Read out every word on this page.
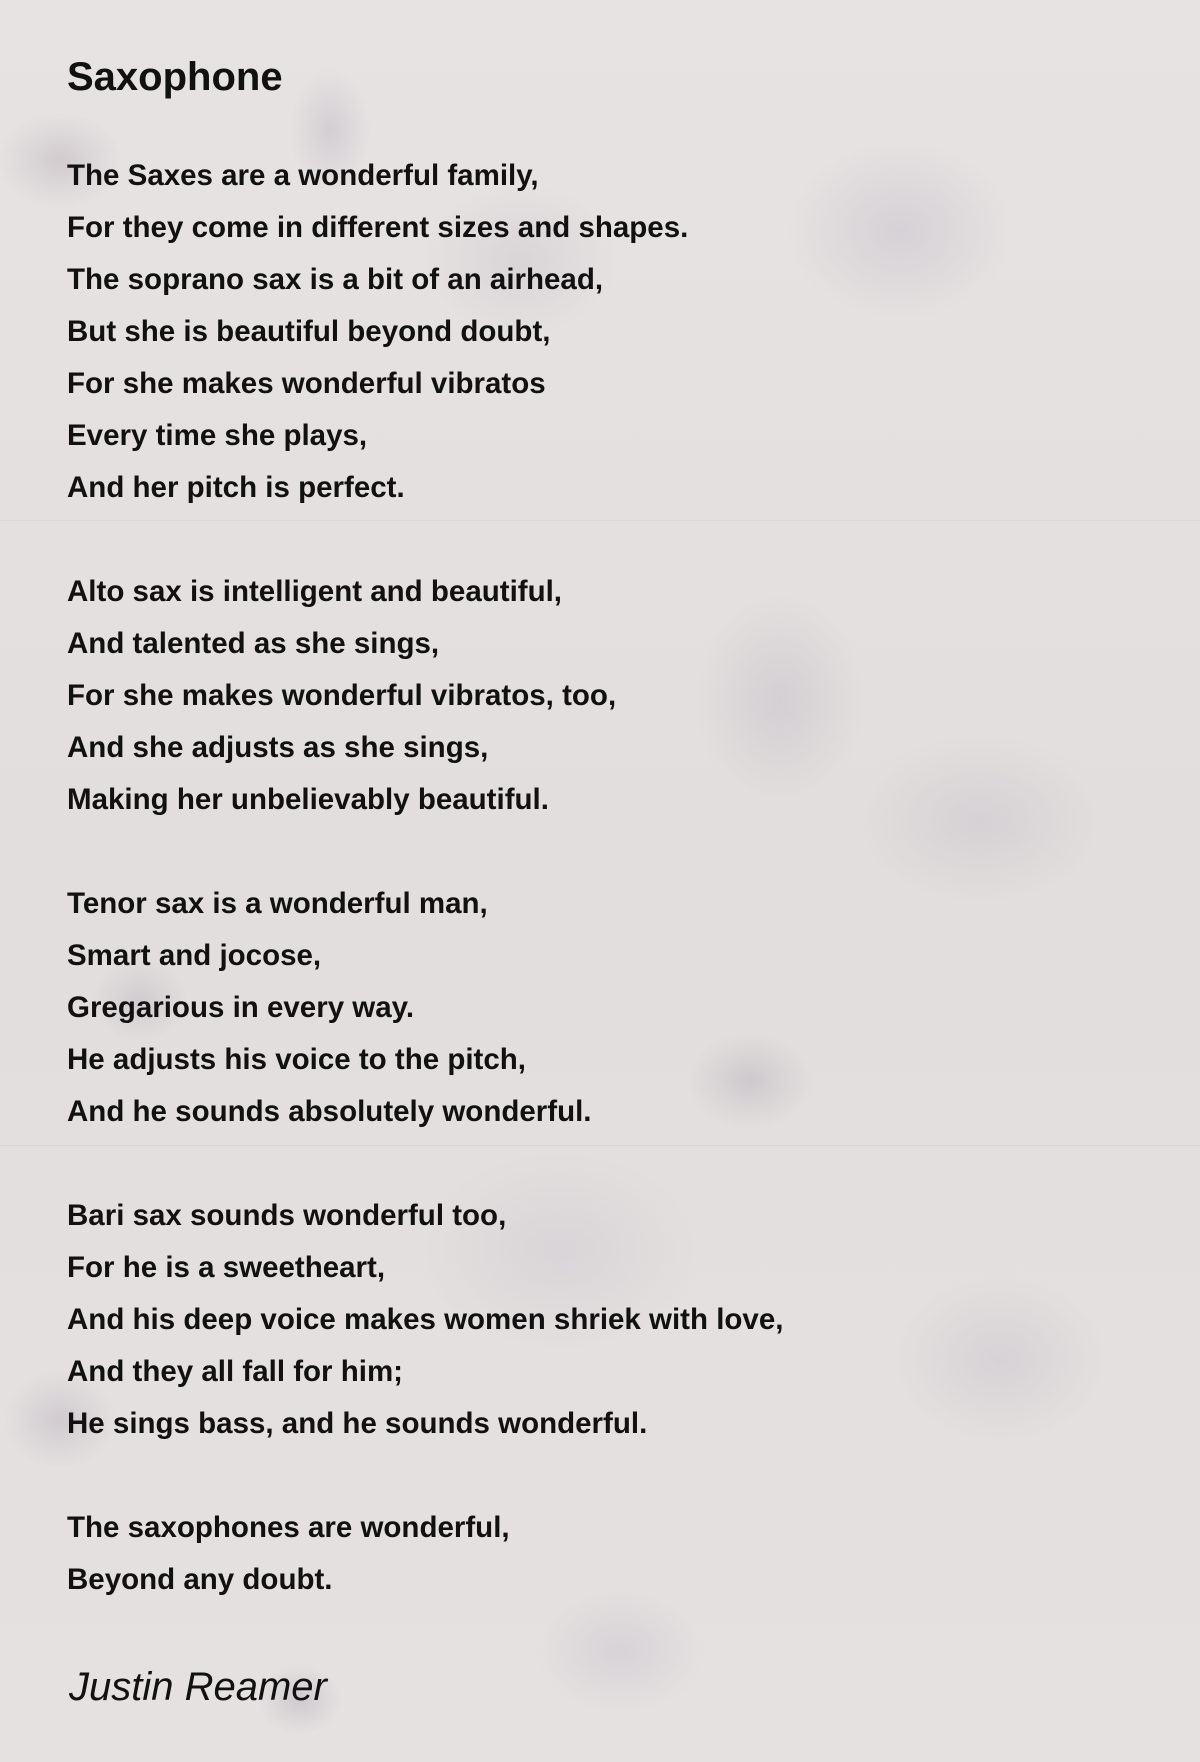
Saxophone
The Saxes are a wonderful family,
For they come in different sizes and shapes.
The soprano sax is a bit of an airhead,
But she is beautiful beyond doubt,
For she makes wonderful vibratos
Every time she plays,
And her pitch is perfect.
Alto sax is intelligent and beautiful,
And talented as she sings,
For she makes wonderful vibratos, too,
And she adjusts as she sings,
Making her unbelievably beautiful.
Tenor sax is a wonderful man,
Smart and jocose,
Gregarious in every way.
He adjusts his voice to the pitch,
And he sounds absolutely wonderful.
Bari sax sounds wonderful too,
For he is a sweetheart,
And his deep voice makes women shriek with love,
And they all fall for him;
He sings bass, and he sounds wonderful.
The saxophones are wonderful,
Beyond any doubt.

Justin Reamer
